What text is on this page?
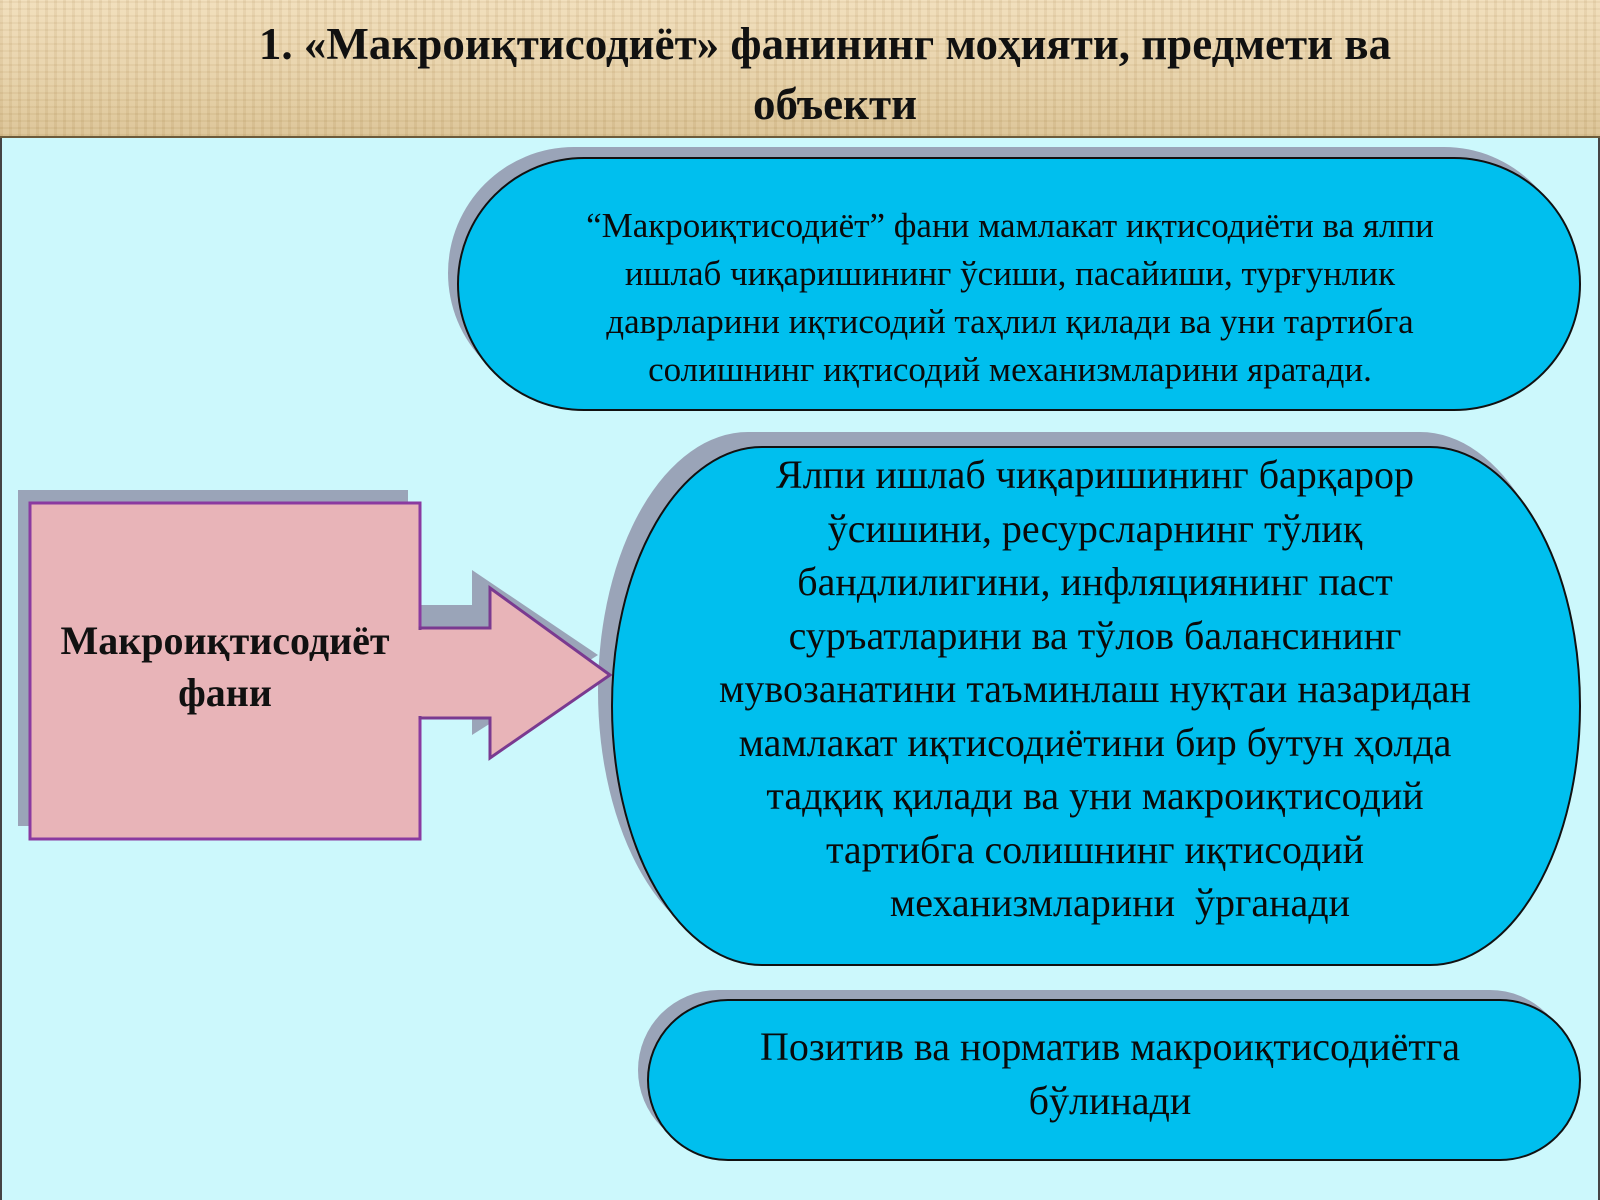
1. «Макроиқтисодиёт» фанининг моҳияти, предмети ва
объекти
Макроиқтисодиёт
фани
“Макроиқтисодиёт” фани мамлакат иқтисодиёти ва ялпи
ишлаб чиқаришининг ўсиши, пасайиши, турғунлик
даврларини иқтисодий таҳлил қилади ва уни тартибга
солишнинг иқтисодий механизмларини яратади.
Ялпи ишлаб чиқаришининг барқарор
ўсишини, ресурсларнинг тўлиқ
бандлилигини, инфляциянинг паст
суръатларини ва тўлов балансининг
мувозанатини таъминлаш нуқтаи назаридан
мамлакат иқтисодиётини бир бутун ҳолда
тадқиқ қилади ва уни макроиқтисодий
тартибга солишнинг иқтисодий
механизмларини  ўрганади
Позитив ва норматив макроиқтисодиётга
бўлинади
